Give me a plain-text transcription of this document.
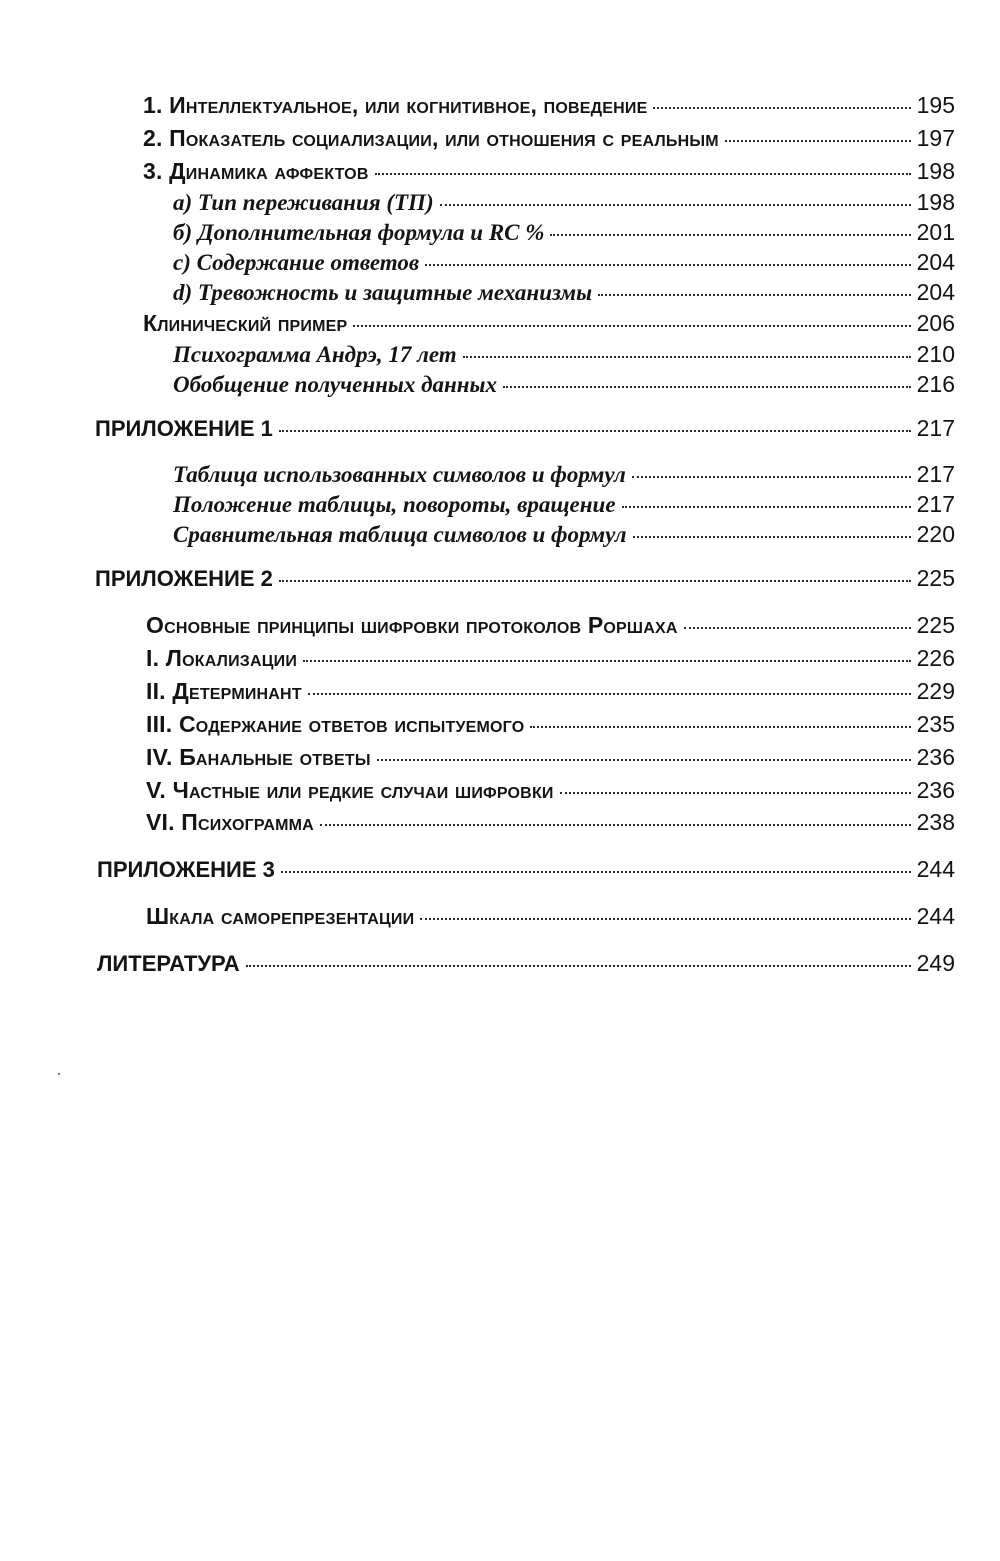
1. Интеллектуальное, или когнитивное, поведение	195
2. Показатель социализации, или отношения с реальным	197
3. Динамика аффектов	198
а) Тип переживания (ТП)	198
б) Дополнительная формула и RC %	201
c) Содержание ответов	204
d) Тревожность и защитные механизмы	204
Клинический пример	206
Психограмма Андрэ, 17 лет	210
Обобщение полученных данных	216
ПРИЛОЖЕНИЕ 1	217
Таблица использованных символов и формул	217
Положение таблицы, повороты, вращение	217
Сравнительная таблица символов и формул	220
ПРИЛОЖЕНИЕ 2	225
Основные принципы шифровки протоколов Роршаха	225
I. Локализации	226
II. Детерминант	229
III. Содержание ответов испытуемого	235
IV. Банальные ответы	236
V. Частные или редкие случаи шифровки	236
VI. Психограмма	238
ПРИЛОЖЕНИЕ 3	244
Шкала саморепрезентации	244
ЛИТЕРАТУРА	249
